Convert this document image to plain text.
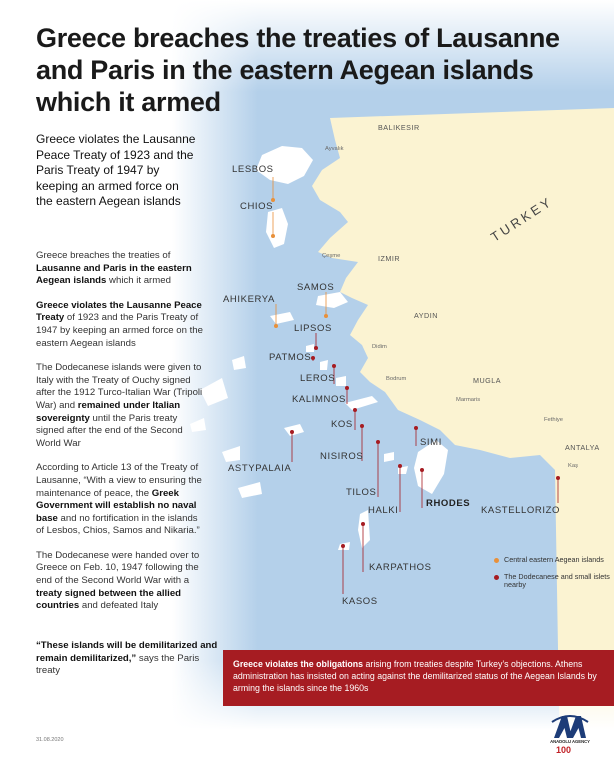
Greece breaches the treaties of Lausanne and Paris in the eastern Aegean islands which it armed
Greece violates the Lausanne Peace Treaty of 1923 and the Paris Treaty of 1947 by keeping an armed force on the eastern Aegean islands

Greece breaches the treaties of Lausanne and Paris in the eastern Aegean islands which it armed

Greece violates the Lausanne Peace Treaty of 1923 and the Paris Treaty of 1947 by keeping an armed force on the eastern Aegean islands

The Dodecanese islands were given to Italy with the Treaty of Ouchy signed after the 1912 Turco-Italian War (Tripoli War) and remained under Italian sovereignty until the Paris treaty signed after the end of the Second World War

According to Article 13 of the Treaty of Lausanne, “With a view to ensuring the maintenance of peace, the Greek Government will establish no naval base and no fortification in the islands of Lesbos, Chios, Samos and Nikaria.”

The Dodecanese were handed over to Greece on Feb. 10, 1947 following the end of the Second World War with a treaty signed between the allied countries and defeated Italy

“These islands will be demilitarized and remain demilitarized,” says the Paris treaty
BALIKESIR
IZMIR
AYDIN
MUGLA
ANTALYA
Ayvalık
Çeşme
Didim
Bodrum
Marmaris
Fethiye
Kaş
TURKEY
LESBOS
CHIOS
SAMOS
AHIKERYA
LIPSOS
PATMOS
LEROS
KALIMNOS
KOS
SIMI
NISIROS
ASTYPALAIA
TILOS
HALKI
RHODES
KASTELLORIZO
KARPATHOS
KASOS
Central eastern Aegean islands
The Dodecanese and small islets nearby
Greece violates the obligations arising from treaties despite Turkey’s objections. Athens administration has insisted on acting against the demilitarized status of the Aegean Islands by arming the islands since the 1960s
31.08.2020	ANADOLU AGENCY
100
